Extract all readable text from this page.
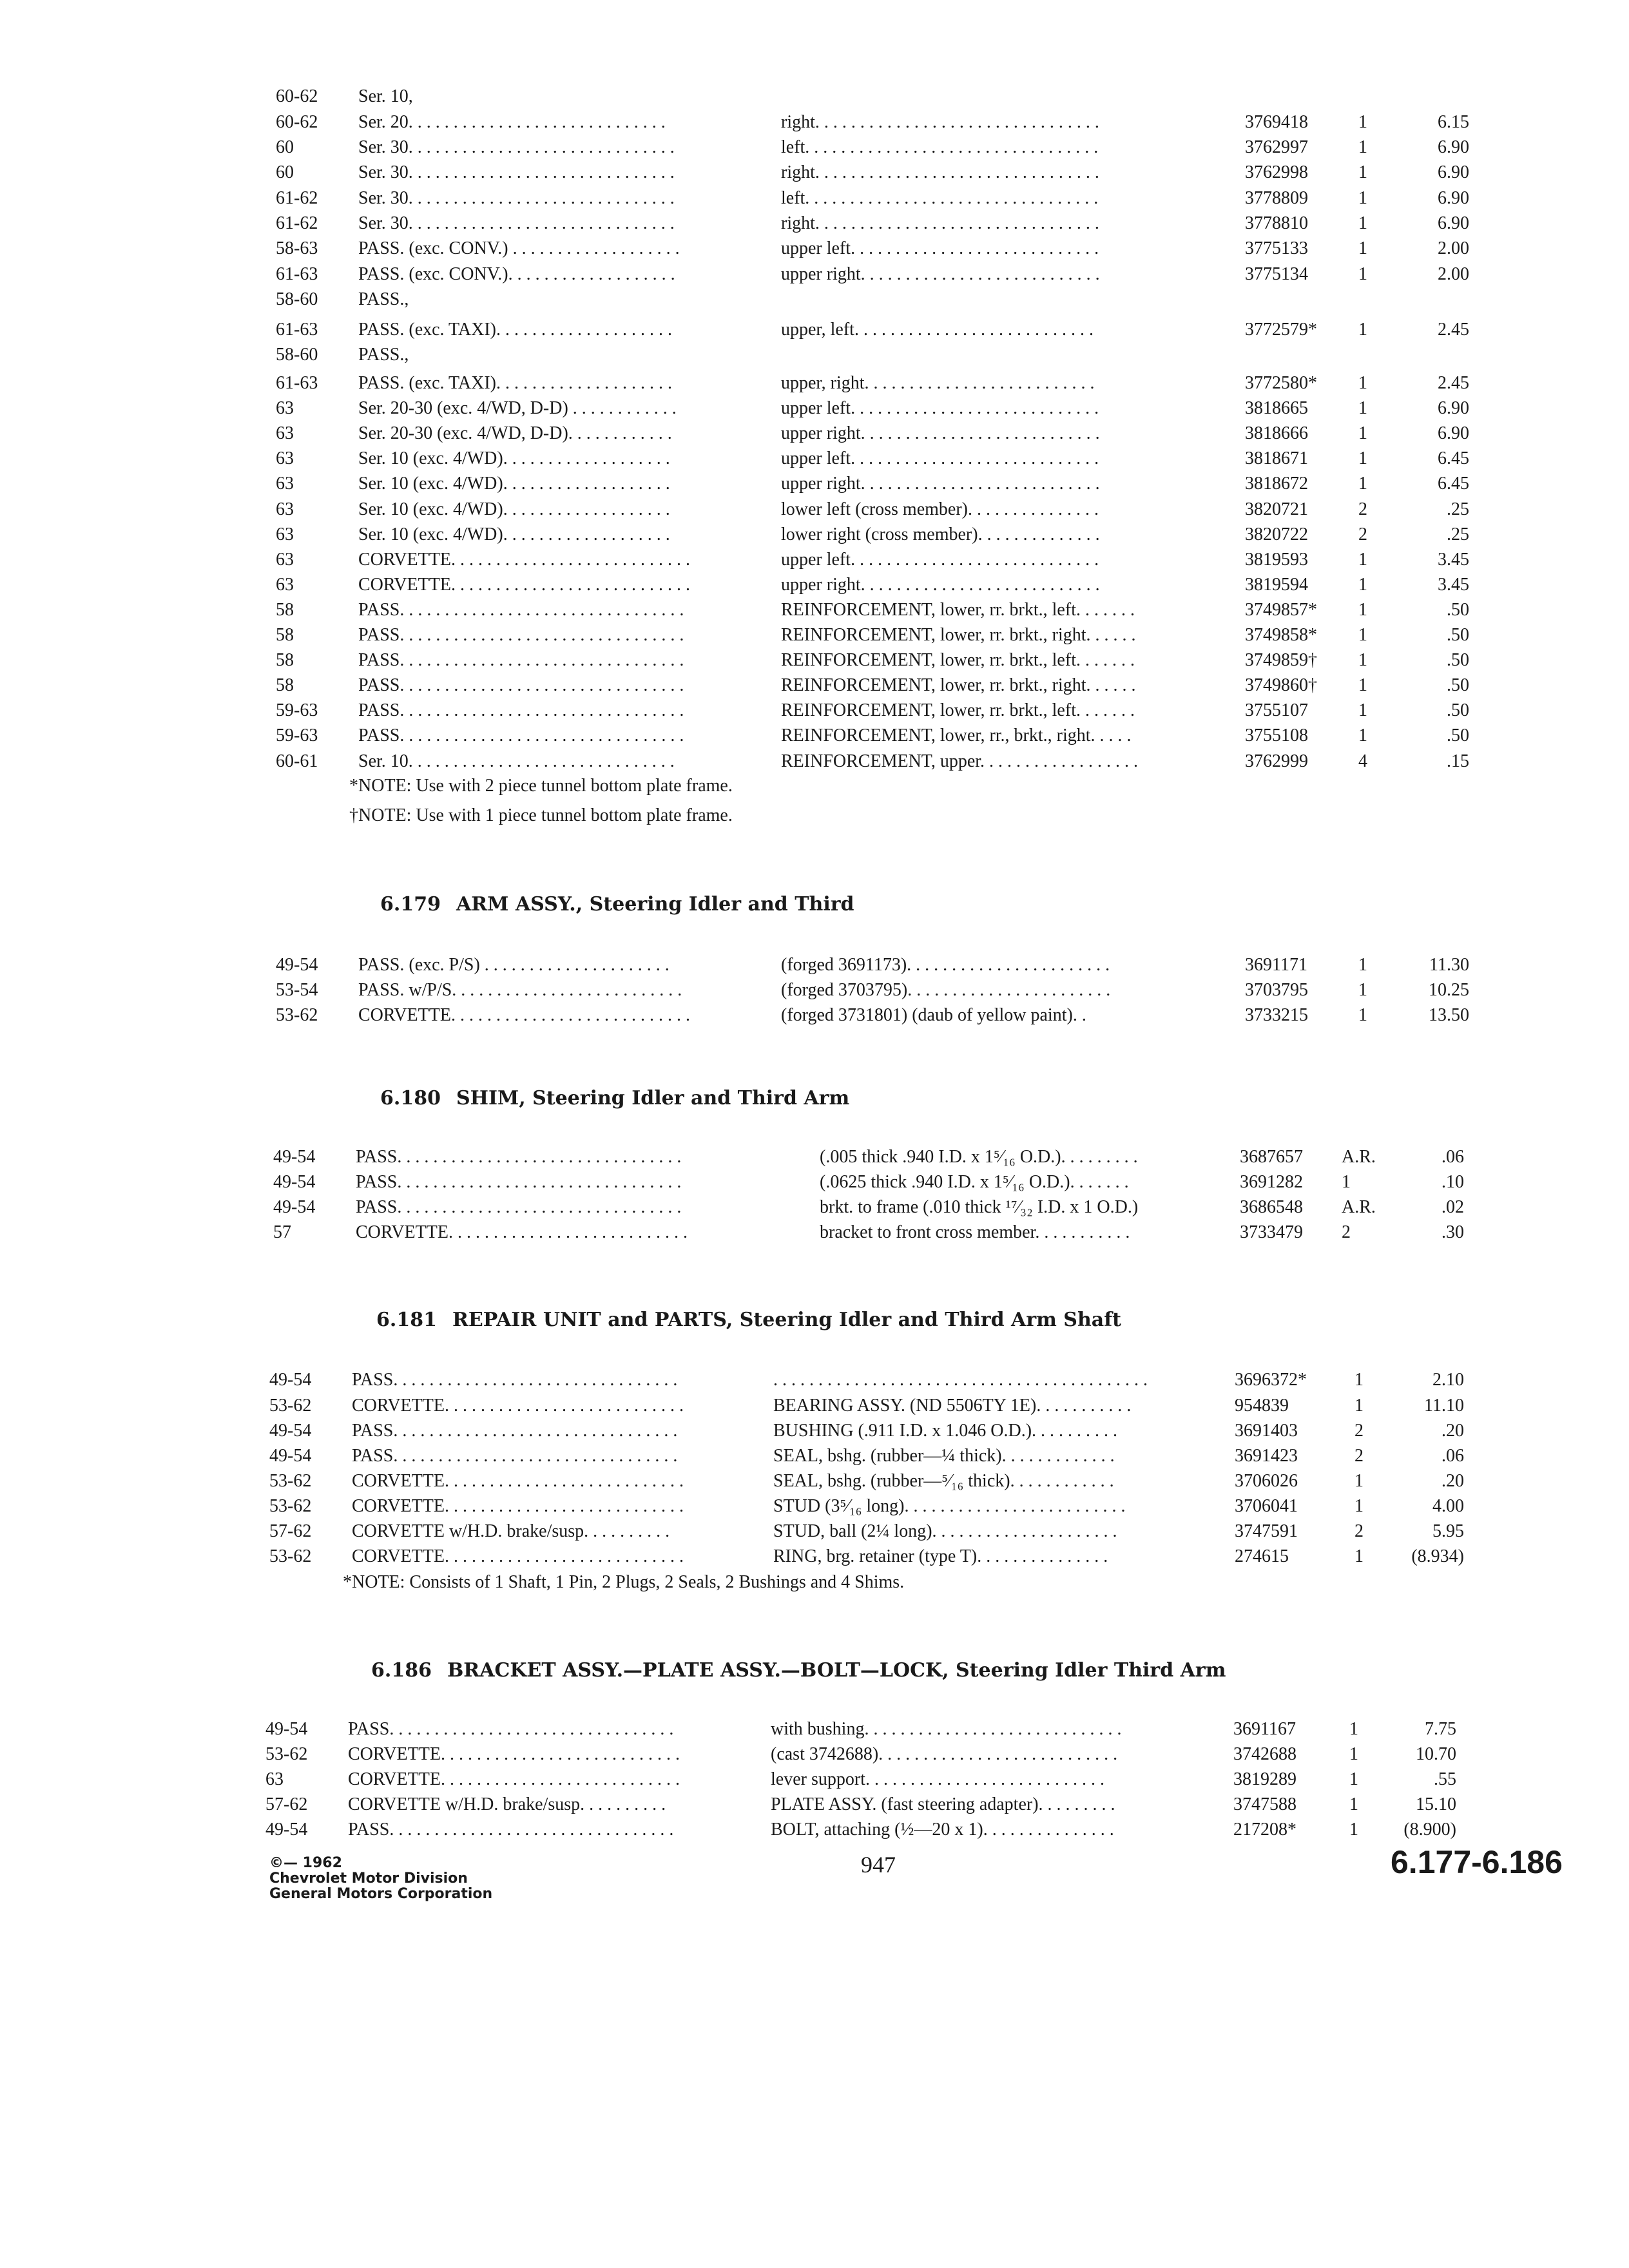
©— 1962
Chevrolet Motor Division
General Motors Corporation
947	6.177-6.186
60-62	Ser. 10,
60-62	Ser. 20. . . . . . . . . . . . . . . . . . . . . . . . . . . . .	right. . . . . . . . . . . . . . . . . . . . . . . . . . . . . . . .	3769418	1	6.15
60	Ser. 30. . . . . . . . . . . . . . . . . . . . . . . . . . . . . .	left. . . . . . . . . . . . . . . . . . . . . . . . . . . . . . . . .	3762997	1	6.90
60	Ser. 30. . . . . . . . . . . . . . . . . . . . . . . . . . . . . .	right. . . . . . . . . . . . . . . . . . . . . . . . . . . . . . . .	3762998	1	6.90
61-62	Ser. 30. . . . . . . . . . . . . . . . . . . . . . . . . . . . . .	left. . . . . . . . . . . . . . . . . . . . . . . . . . . . . . . . .	3778809	1	6.90
61-62	Ser. 30. . . . . . . . . . . . . . . . . . . . . . . . . . . . . .	right. . . . . . . . . . . . . . . . . . . . . . . . . . . . . . . .	3778810	1	6.90
58-63	PASS. (exc. CONV.) . . . . . . . . . . . . . . . . . . .	upper left. . . . . . . . . . . . . . . . . . . . . . . . . . . .	3775133	1	2.00
61-63	PASS. (exc. CONV.). . . . . . . . . . . . . . . . . . .	upper right. . . . . . . . . . . . . . . . . . . . . . . . . . .	3775134	1	2.00
58-60	PASS.,
61-63	PASS. (exc. TAXI). . . . . . . . . . . . . . . . . . . .	upper, left. . . . . . . . . . . . . . . . . . . . . . . . . . .	3772579*	1	2.45
58-60	PASS.,
61-63	PASS. (exc. TAXI). . . . . . . . . . . . . . . . . . . .	upper, right. . . . . . . . . . . . . . . . . . . . . . . . . .	3772580*	1	2.45
63	Ser. 20-30 (exc. 4/WD, D-D) . . . . . . . . . . . .	upper left. . . . . . . . . . . . . . . . . . . . . . . . . . . .	3818665	1	6.90
63	Ser. 20-30 (exc. 4/WD, D-D). . . . . . . . . . . .	upper right. . . . . . . . . . . . . . . . . . . . . . . . . . .	3818666	1	6.90
63	Ser. 10 (exc. 4/WD). . . . . . . . . . . . . . . . . . .	upper left. . . . . . . . . . . . . . . . . . . . . . . . . . . .	3818671	1	6.45
63	Ser. 10 (exc. 4/WD). . . . . . . . . . . . . . . . . . .	upper right. . . . . . . . . . . . . . . . . . . . . . . . . . .	3818672	1	6.45
63	Ser. 10 (exc. 4/WD). . . . . . . . . . . . . . . . . . .	lower left (cross member). . . . . . . . . . . . . . .	3820721	2	.25
63	Ser. 10 (exc. 4/WD). . . . . . . . . . . . . . . . . . .	lower right (cross member). . . . . . . . . . . . . .	3820722	2	.25
63	CORVETTE. . . . . . . . . . . . . . . . . . . . . . . . . . .	upper left. . . . . . . . . . . . . . . . . . . . . . . . . . . .	3819593	1	3.45
63	CORVETTE. . . . . . . . . . . . . . . . . . . . . . . . . . .	upper right. . . . . . . . . . . . . . . . . . . . . . . . . . .	3819594	1	3.45
58	PASS. . . . . . . . . . . . . . . . . . . . . . . . . . . . . . . .	REINFORCEMENT, lower, rr. brkt., left. . . . . . .	3749857*	1	.50
58	PASS. . . . . . . . . . . . . . . . . . . . . . . . . . . . . . . .	REINFORCEMENT, lower, rr. brkt., right. . . . . .	3749858*	1	.50
58	PASS. . . . . . . . . . . . . . . . . . . . . . . . . . . . . . . .	REINFORCEMENT, lower, rr. brkt., left. . . . . . .	3749859†	1	.50
58	PASS. . . . . . . . . . . . . . . . . . . . . . . . . . . . . . . .	REINFORCEMENT, lower, rr. brkt., right. . . . . .	3749860†	1	.50
59-63	PASS. . . . . . . . . . . . . . . . . . . . . . . . . . . . . . . .	REINFORCEMENT, lower, rr. brkt., left. . . . . . .	3755107	1	.50
59-63	PASS. . . . . . . . . . . . . . . . . . . . . . . . . . . . . . . .	REINFORCEMENT, lower, rr., brkt., right. . . . .	3755108	1	.50
60-61	Ser. 10. . . . . . . . . . . . . . . . . . . . . . . . . . . . . .	REINFORCEMENT, upper. . . . . . . . . . . . . . . . . .	3762999	4	.15
*NOTE: Use with 2 piece tunnel bottom plate frame.
†NOTE: Use with 1 piece tunnel bottom plate frame.
6.179 ARM ASSY., Steering Idler and Third
49-54	PASS. (exc. P/S) . . . . . . . . . . . . . . . . . . . . .	(forged 3691173). . . . . . . . . . . . . . . . . . . . . . .	3691171	1	11.30
53-54	PASS. w/P/S. . . . . . . . . . . . . . . . . . . . . . . . . .	(forged 3703795). . . . . . . . . . . . . . . . . . . . . . .	3703795	1	10.25
53-62	CORVETTE. . . . . . . . . . . . . . . . . . . . . . . . . . .	(forged 3731801) (daub of yellow paint). .	3733215	1	13.50
6.180 SHIM, Steering Idler and Third Arm
49-54	PASS. . . . . . . . . . . . . . . . . . . . . . . . . . . . . . . .	(.005 thick .940 I.D. x 1⁵⁄₁₆ O.D.). . . . . . . . .	3687657	A.R.	.06
49-54	PASS. . . . . . . . . . . . . . . . . . . . . . . . . . . . . . . .	(.0625 thick .940 I.D. x 1⁵⁄₁₆ O.D.). . . . . . .	3691282	1	.10
49-54	PASS. . . . . . . . . . . . . . . . . . . . . . . . . . . . . . . .	brkt. to frame (.010 thick ¹⁷⁄₃₂ I.D. x 1 O.D.)	3686548	A.R.	.02
57	CORVETTE. . . . . . . . . . . . . . . . . . . . . . . . . . .	bracket to front cross member. . . . . . . . . . .	3733479	2	.30
6.181 REPAIR UNIT and PARTS, Steering Idler and Third Arm Shaft
49-54	PASS. . . . . . . . . . . . . . . . . . . . . . . . . . . . . . . .	. . . . . . . . . . . . . . . . . . . . . . . . . . . . . . . . . . . . . . . . . .	3696372*	1	2.10
53-62	CORVETTE. . . . . . . . . . . . . . . . . . . . . . . . . . .	BEARING ASSY. (ND 5506TY 1E). . . . . . . . . . .	954839	1	11.10
49-54	PASS. . . . . . . . . . . . . . . . . . . . . . . . . . . . . . . .	BUSHING (.911 I.D. x 1.046 O.D.). . . . . . . . . .	3691403	2	.20
49-54	PASS. . . . . . . . . . . . . . . . . . . . . . . . . . . . . . . .	SEAL, bshg. (rubber—¼ thick). . . . . . . . . . . . .	3691423	2	.06
53-62	CORVETTE. . . . . . . . . . . . . . . . . . . . . . . . . . .	SEAL, bshg. (rubber—⁵⁄₁₆ thick). . . . . . . . . . . .	3706026	1	.20
53-62	CORVETTE. . . . . . . . . . . . . . . . . . . . . . . . . . .	STUD (3⁵⁄₁₆ long). . . . . . . . . . . . . . . . . . . . . . . . .	3706041	1	4.00
57-62	CORVETTE w/H.D. brake/susp. . . . . . . . . .	STUD, ball (2¼ long). . . . . . . . . . . . . . . . . . . . .	3747591	2	5.95
53-62	CORVETTE. . . . . . . . . . . . . . . . . . . . . . . . . . .	RING, brg. retainer (type T). . . . . . . . . . . . . . .	274615	1	(8.934)
*NOTE: Consists of 1 Shaft, 1 Pin, 2 Plugs, 2 Seals, 2 Bushings and 4 Shims.
6.186 BRACKET ASSY.—PLATE ASSY.—BOLT—LOCK, Steering Idler Third Arm
49-54	PASS. . . . . . . . . . . . . . . . . . . . . . . . . . . . . . . .	with bushing. . . . . . . . . . . . . . . . . . . . . . . . . . . . .	3691167	1	7.75
53-62	CORVETTE. . . . . . . . . . . . . . . . . . . . . . . . . . .	(cast 3742688). . . . . . . . . . . . . . . . . . . . . . . . . . .	3742688	1	10.70
63	CORVETTE. . . . . . . . . . . . . . . . . . . . . . . . . . .	lever support. . . . . . . . . . . . . . . . . . . . . . . . . . .	3819289	1	.55
57-62	CORVETTE w/H.D. brake/susp. . . . . . . . . .	PLATE ASSY. (fast steering adapter). . . . . . . . .	3747588	1	15.10
49-54	PASS. . . . . . . . . . . . . . . . . . . . . . . . . . . . . . . .	BOLT, attaching (½—20 x 1). . . . . . . . . . . . . . .	217208*	1	(8.900)
